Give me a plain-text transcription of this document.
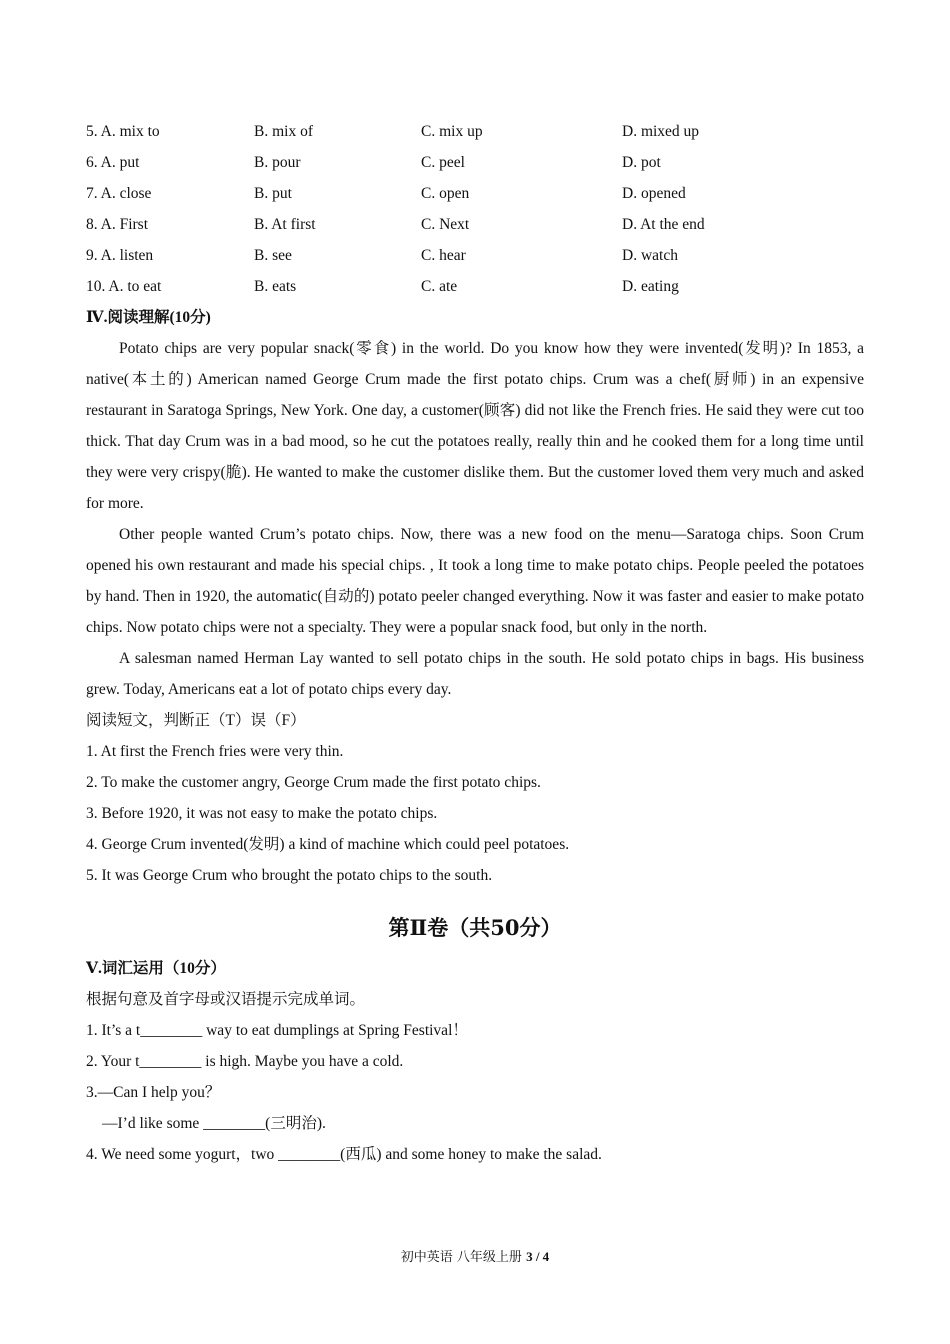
5. A. mix to	B. mix of	C. mix up	D. mixed up
6. A. put	B. pour	C. peel	D. pot
7. A. close	B. put	C. open	D. opened
8. A. First	B. At first	C. Next	D. At the end
9. A. listen	B. see	C. hear	D. watch
10. A. to eat	B. eats	C. ate	D. eating
Ⅳ.阅读理解(10分)

Potato chips are very popular snack(零食) in the world. Do you know how they were invented(发明)? In 1853, a native(本土的) American named George Crum made the first potato chips. Crum was a chef(厨师) in an expensive restaurant in Saratoga Springs, New York. One day, a customer(顾客) did not like the French fries. He said they were cut too thick. That day Crum was in a bad mood, so he cut the potatoes really, really thin and he cooked them for a long time until they were very crispy(脆). He wanted to make the customer dislike them. But the customer loved them very much and asked for more.

Other people wanted Crum’s potato chips. Now, there was a new food on the menu—Saratoga chips. Soon Crum opened his own restaurant and made his special chips. , It took a long time to make potato chips. People peeled the potatoes by hand. Then in 1920, the automatic(自动的) potato peeler changed everything. Now it was faster and easier to make potato chips. Now potato chips were not a specialty. They were a popular snack food, but only in the north.

A salesman named Herman Lay wanted to sell potato chips in the south. He sold potato chips in bags. His business grew. Today, Americans eat a lot of potato chips every day.

阅读短文，判断正（T）误（F）
1. At first the French fries were very thin.
2. To make the customer angry, George Crum made the first potato chips.
3. Before 1920, it was not easy to make the potato chips.
4. George Crum invented(发明) a kind of machine which could peel potatoes.
5. It was George Crum who brought the potato chips to the south.
第Ⅱ卷（共50分）
Ⅴ.词汇运用（10分）
根据句意及首字母或汉语提示完成单词。
1. It’s a t________ way to eat dumplings at Spring Festival！
2. Your t________ is high. Maybe you have a cold.
3.—Can I help you？
—I’d like some ________(三明治).
4. We need some yogurt，two ________(西瓜) and some honey to make the salad.
初中英语 八年级上册 3 / 4
